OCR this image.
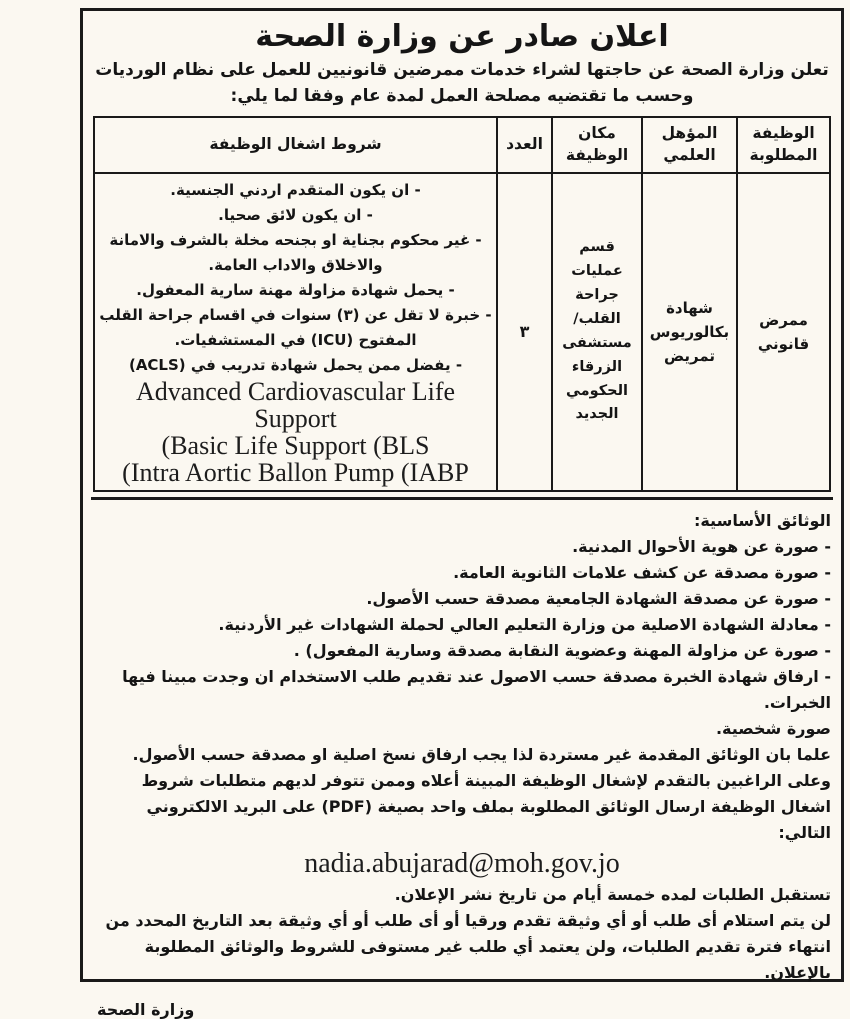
اعلان صادر عن وزارة الصحة
تعلن وزارة الصحة عن حاجتها لشراء خدمات ممرضين قانونيين للعمل على نظام الورديات وحسب ما تقتضيه مصلحة العمل لمدة عام وفقا لما يلي:
الوظيفة المطلوبة	المؤهل العلمي	مكان الوظيفة	العدد	شروط اشغال الوظيفة
ممرض قانوني	شهادة بكالوريوس تمريض	قسم عمليات جراحة القلب/ مستشفى الزرقاء الحكومي الجديد	٣	
- ان يكون المتقدم اردني الجنسية.
- ان يكون لائق صحيا.
- غير محكوم بجناية او بجنحه مخلة بالشرف والامانة والاخلاق والاداب العامة.
- يحمل شهادة مزاولة مهنة سارية المعفول.
- خبرة لا تقل عن (٣) سنوات في اقسام جراحة القلب المفتوح (ICU) في المستشفيات.
- يفضل ممن يحمل شهادة تدريب في (ACLS)
Advanced Cardiovascular Life Support
(Basic Life Support (BLS
(Intra Aortic Ballon Pump (IABP
الوثائق الأساسية:
- صورة عن هوية الأحوال المدنية.
- صورة مصدقة عن كشف علامات الثانوية العامة.
- صورة عن مصدقة الشهادة الجامعية مصدقة حسب الأصول.
- معادلة الشهادة الاصلية من وزارة التعليم العالي لحملة الشهادات غير الأردنية.
- صورة عن مزاولة المهنة وعضوية النقابة مصدقة وسارية المفعول) .
- ارفاق شهادة الخبرة مصدقة حسب الاصول عند تقديم طلب الاستخدام ان وجدت مبينا فيها الخبرات.
صورة شخصية.
علما بان الوثائق المقدمة غير مستردة لذا يجب ارفاق نسخ اصلية او مصدقة حسب الأصول.
وعلى الراغبين بالتقدم لإشغال الوظيفة المبينة أعلاه وممن تتوفر لديهم متطلبات شروط اشغال الوظيفة ارسال الوثائق المطلوبة بملف واحد بصيغة (PDF) على البريد الالكتروني التالي:
nadia.abujarad@moh.gov.jo
تستقبل الطلبات لمده خمسة أيام من تاريخ نشر الإعلان.
لن يتم استلام أى طلب أو أي وثيقة تقدم ورقيا أو أى طلب أو أي وثيقة بعد التاريخ المحدد من انتهاء فترة تقديم الطلبات، ولن يعتمد أي طلب غير مستوفى للشروط والوثائق المطلوبة بالإعلان.
وزارة الصحة
